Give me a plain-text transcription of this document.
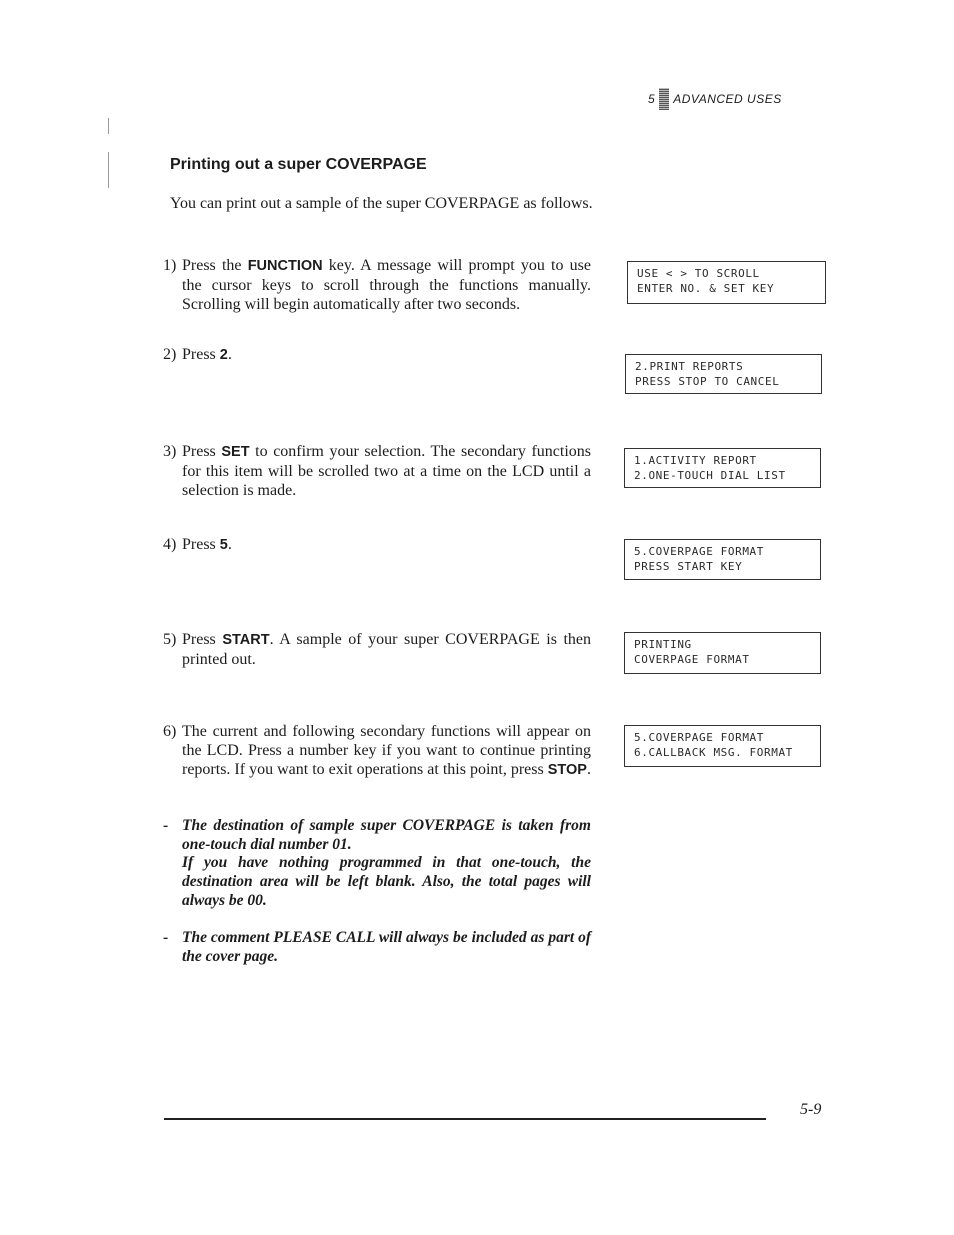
5 ADVANCED USES
Printing out a super COVERPAGE
You can print out a sample of the super COVERPAGE as follows.
1) Press the FUNCTION key. A message will prompt you to use the cursor keys to scroll through the functions manually. Scrolling will begin automatically after two seconds.
2) Press 2.
3) Press SET to confirm your selection. The secondary functions for this item will be scrolled two at a time on the LCD until a selection is made.
4) Press 5.
5) Press START. A sample of your super COVERPAGE is then printed out.
6) The current and following secondary functions will appear on the LCD. Press a number key if you want to continue printing reports. If you want to exit operations at this point, press STOP.
USE < > TO SCROLL
ENTER NO. & SET KEY
2.PRINT REPORTS
PRESS STOP TO CANCEL
1.ACTIVITY REPORT
2.ONE-TOUCH DIAL LIST
5.COVERPAGE FORMAT
PRESS START KEY
PRINTING
COVERPAGE FORMAT
5.COVERPAGE FORMAT
6.CALLBACK MSG. FORMAT
- The destination of sample super COVERPAGE is taken from one-touch dial number 01.
If you have nothing programmed in that one-touch, the destination area will be left blank. Also, the total pages will always be 00.
- The comment PLEASE CALL will always be included as part of the cover page.
5-9
